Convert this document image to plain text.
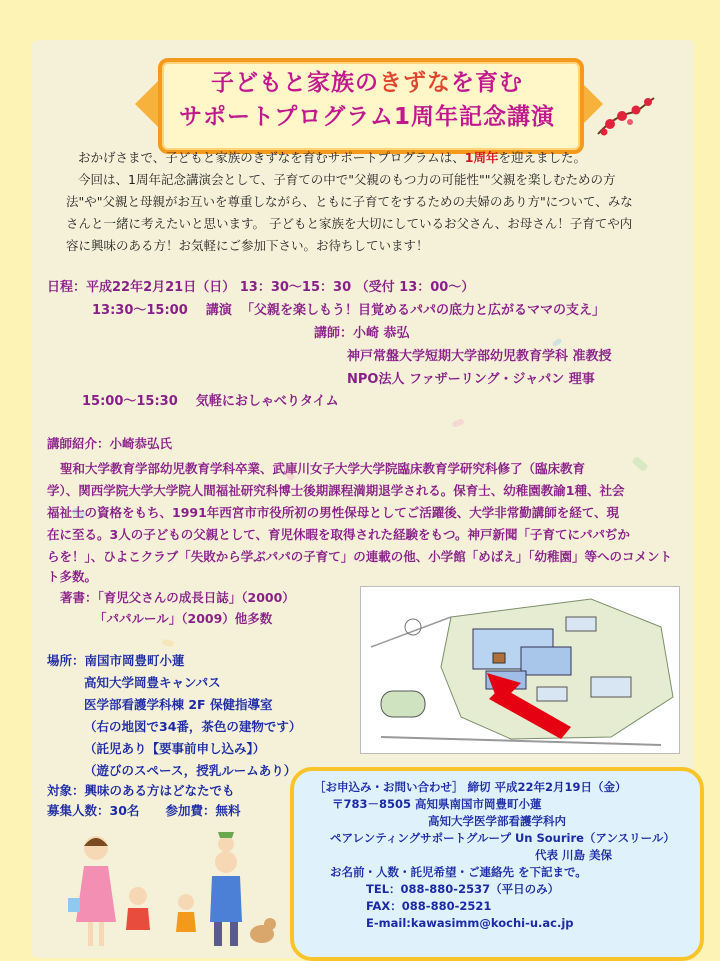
子どもと家族のきずなを育む
サポートプログラム1周年記念講演
おかげさまで、子どもと家族のきずなを育むサポートプログラムは、1周年を迎えました。
今回は、1周年記念講演会として、子育ての中で"父親のもつ力の可能性""父親を楽しむための方
法"や"父親と母親がお互いを尊重しながら、ともに子育てをするための夫婦のあり方"について、みな
さんと一緒に考えたいと思います。 子どもと家族を大切にしているお父さん、お母さん！子育てや内
容に興味のある方！お気軽にご参加下さい。お待ちしています！
日程：平成22年2月21日（日） 13：30～15：30 （受付 13：00～）
13:30～15:00 講演 「父親を楽しもう！目覚めるパパの底力と広がるママの支え」
講師：小崎 恭弘
神戸常盤大学短期大学部幼児教育学科 准教授
NPO法人 ファザーリング・ジャパン 理事
15:00～15:30 気軽におしゃべりタイム
講師紹介：小崎恭弘氏
聖和大学教育学部幼児教育学科卒業、武庫川女子大学大学院臨床教育学研究科修了（臨床教育
学）、関西学院大学大学院人間福祉研究科博士後期課程満期退学される。保育士、幼稚園教諭1種、社会
福祉士の資格をもち、1991年西宮市市役所初の男性保母としてご活躍後、大学非常勤講師を経て、現
在に至る。3人の子どもの父親として、育児休暇を取得された経験をもつ。神戸新聞「子育てにパパぢか
らを！」、ひよこクラブ「失敗から学ぶパパの子育て」の連載の他、小学館「めばえ」「幼稚園」等へのコメント
ト多数。
著書：「育児父さんの成長日誌」（2000）
「パパルール」（2009）他多数
場所：南国市岡豊町小蓮
高知大学岡豊キャンパス
医学部看護学科棟 2F 保健指導室
（右の地図で34番，茶色の建物です）
（託児あり【要事前申し込み】）
（遊びのスペース，授乳ルームあり）
対象：興味のある方はどなたでも
募集人数：30名 参加費：無料
［お申込み・お問い合わせ］ 締切 平成22年2月19日（金）
〒783－8505 高知県南国市岡豊町小蓮
高知大学医学部看護学科内
ペアレンティングサポートグループ Un Sourire（アンスリール）
代表 川島 美保
お名前・人数・託児希望・ご連絡先 を下記まで。
TEL：088-880-2537（平日のみ）
FAX：088-880-2521
E-mail:kawasimm@kochi-u.ac.jp
